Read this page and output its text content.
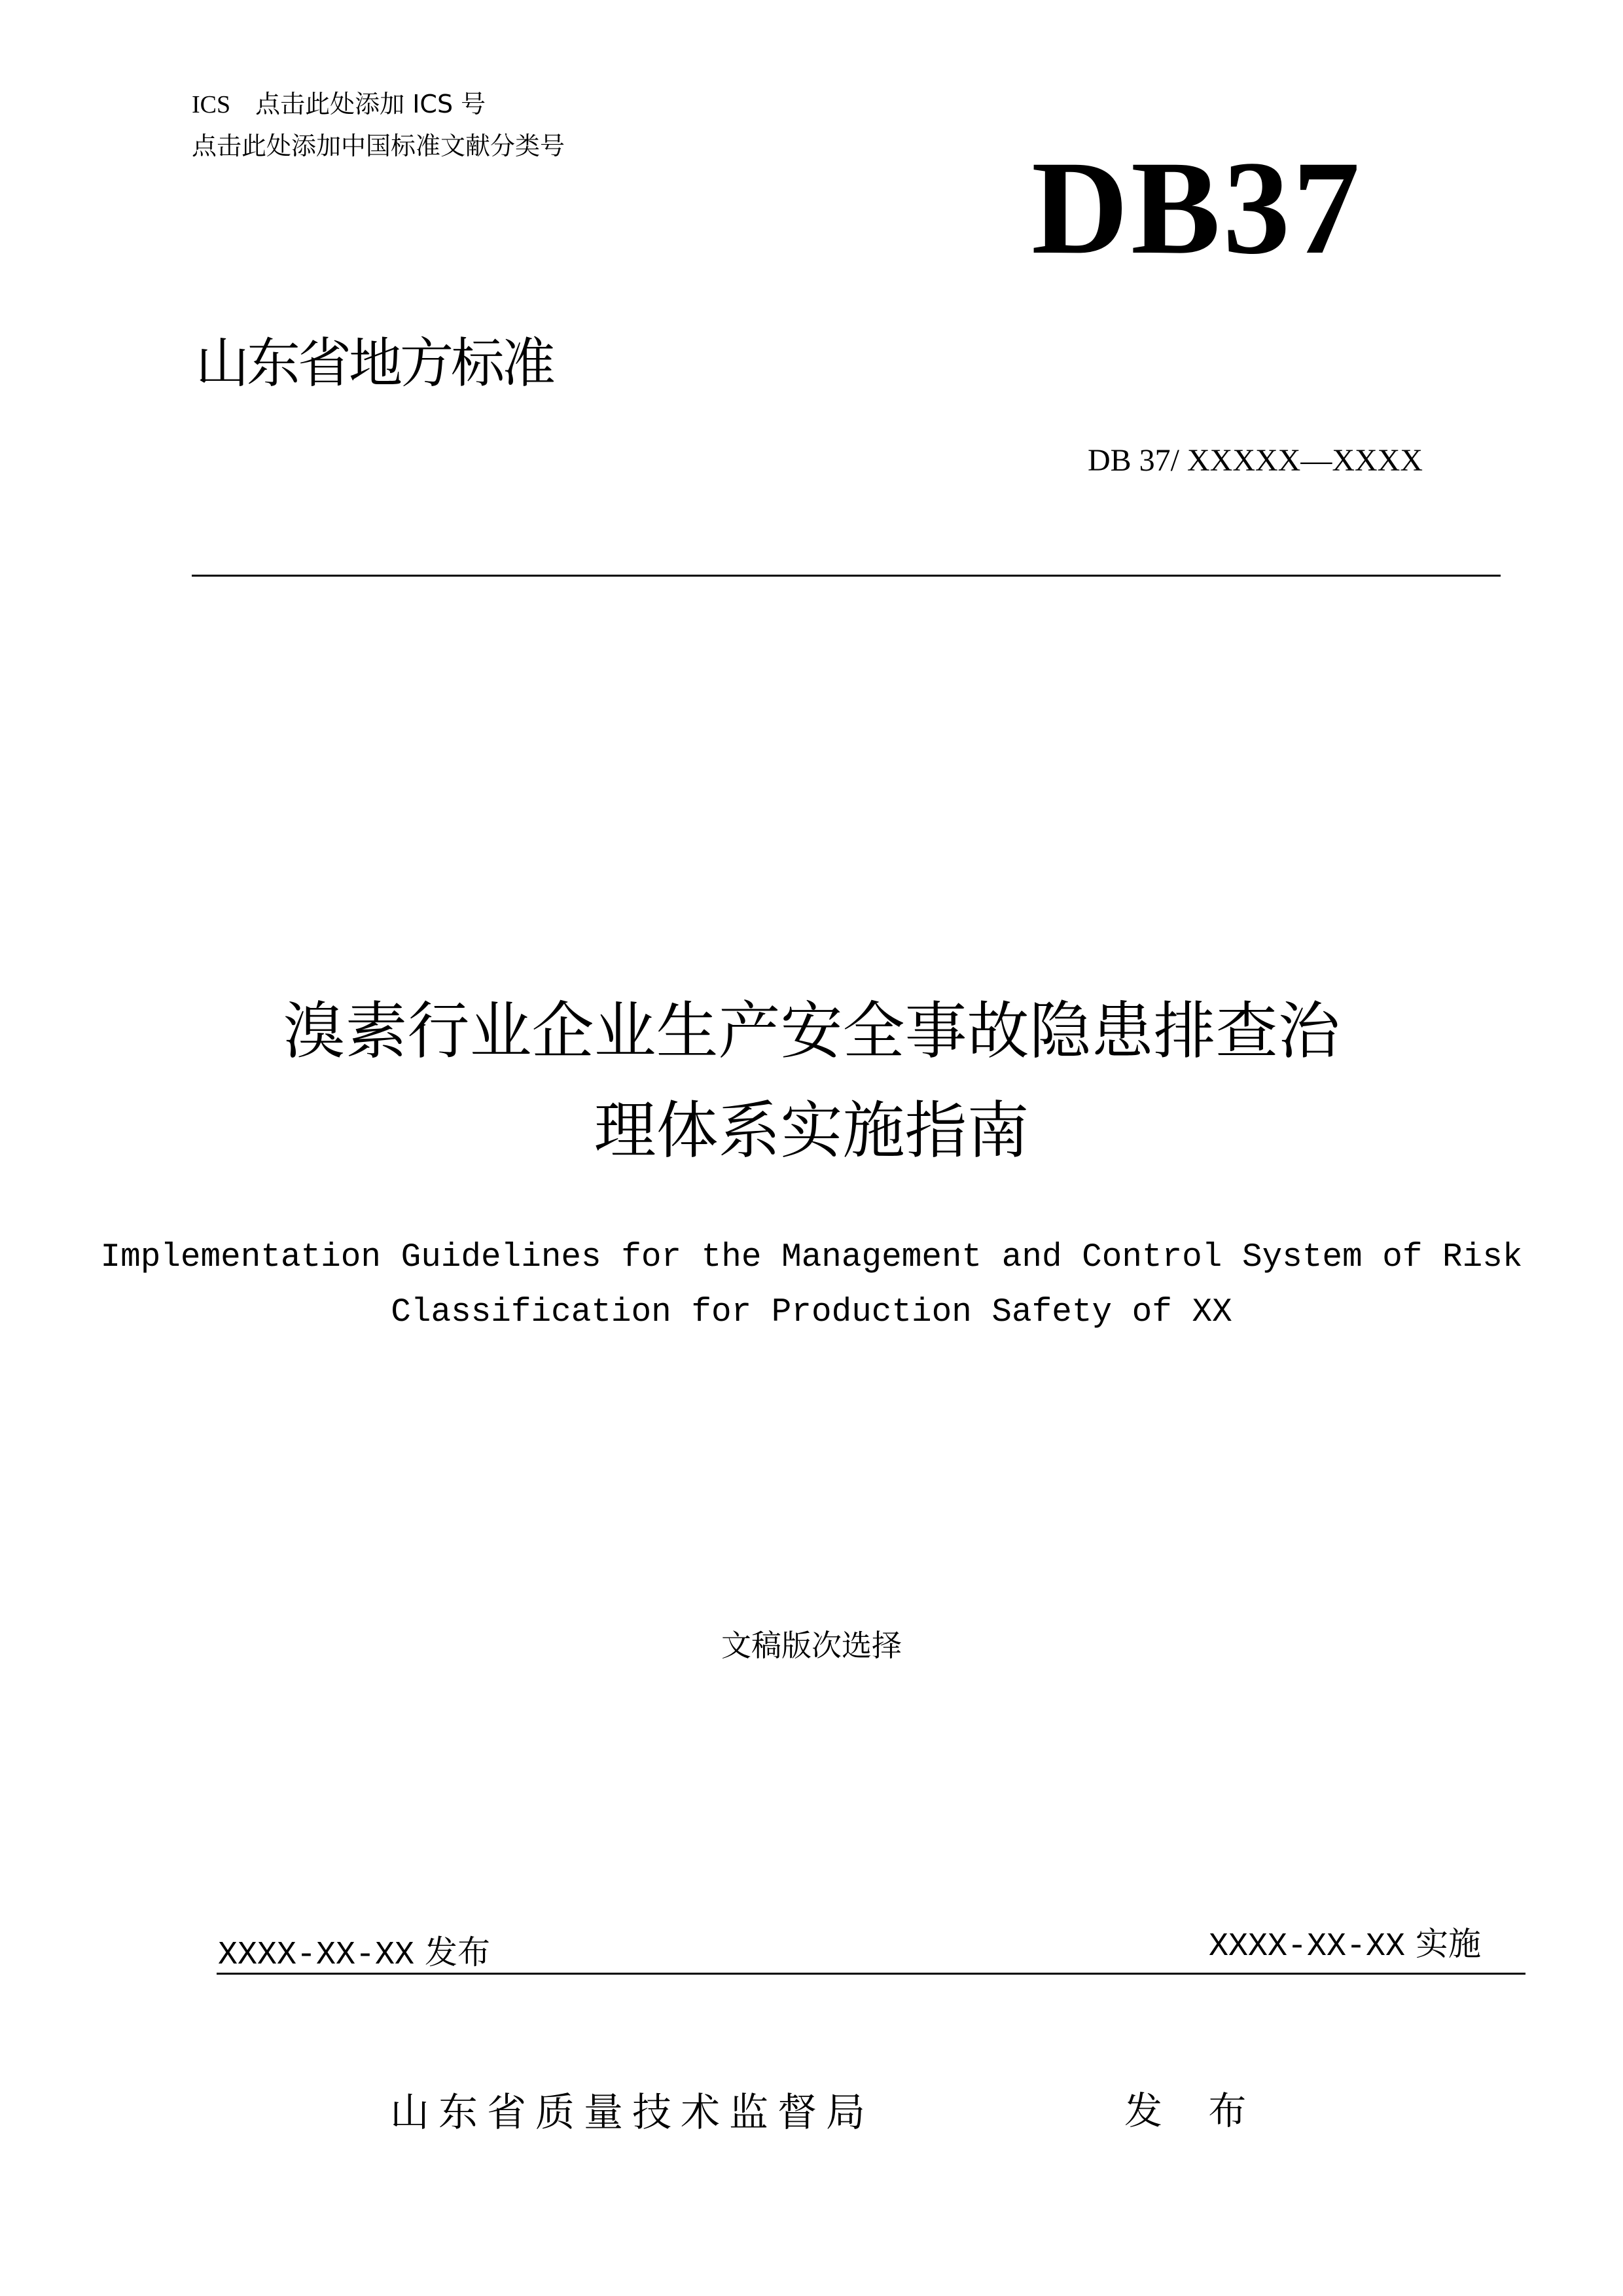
ICS 点击此处添加 ICS 号
点击此处添加中国标准文献分类号	DB37
山东省地方标准
DB 37/ XXXXX—XXXX
溴素行业企业生产安全事故隐患排查治
理体系实施指南
Implementation Guidelines for the Management and Control System of Risk
Classification for Production Safety of XX
文稿版次选择
XXXX-XX-XX 发布	XXXX-XX-XX 实施
山东省质量技术监督局	发 布
